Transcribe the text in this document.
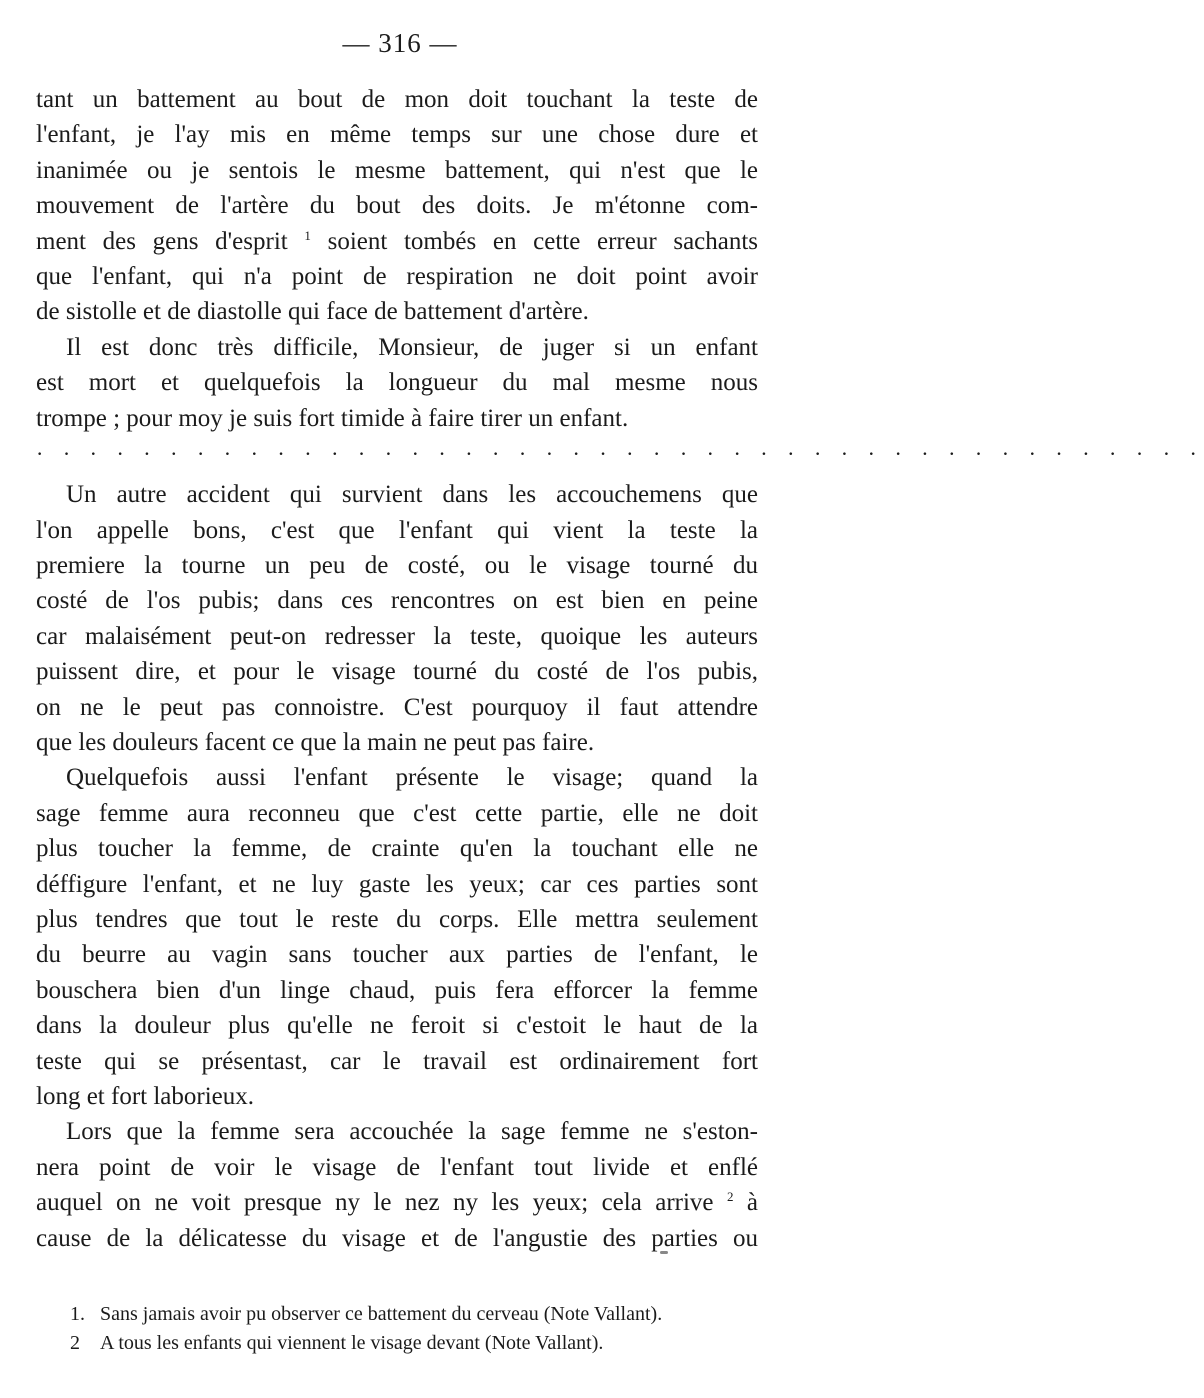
— 316 —
tant un battement au bout de mon doit touchant la teste de
l'enfant, je l'ay mis en même temps sur une chose dure et
inanimée ou je sentois le mesme battement, qui n'est que le
mouvement de l'artère du bout des doits. Je m'étonne com-
ment des gens d'esprit $^1$ soient tombés en cette erreur sachants
que l'enfant, qui n'a point de respiration ne doit point avoir
de sistolle et de diastolle qui face de battement d'artère.
Il est donc très difficile, Monsieur, de juger si un enfant
est mort et quelquefois la longueur du mal mesme nous
trompe ; pour moy je suis fort timide à faire tirer un enfant.
· · · · · · · · · · · · · · · · · · · · · · · · · · · · · · · · · · · · · · · · · · · ·
Un autre accident qui survient dans les accouchemens que
l'on appelle bons, c'est que l'enfant qui vient la teste la
premiere la tourne un peu de costé, ou le visage tourné du
costé de l'os pubis; dans ces rencontres on est bien en peine
car malaisément peut-on redresser la teste, quoique les auteurs
puissent dire, et pour le visage tourné du costé de l'os pubis,
on ne le peut pas connoistre. C'est pourquoy il faut attendre
que les douleurs facent ce que la main ne peut pas faire.
Quelquefois aussi l'enfant présente le visage; quand la
sage femme aura reconneu que c'est cette partie, elle ne doit
plus toucher la femme, de crainte qu'en la touchant elle ne
déffigure l'enfant, et ne luy gaste les yeux; car ces parties sont
plus tendres que tout le reste du corps. Elle mettra seulement
du beurre au vagin sans toucher aux parties de l'enfant, le
bouschera bien d'un linge chaud, puis fera efforcer la femme
dans la douleur plus qu'elle ne feroit si c'estoit le haut de la
teste qui se présentast, car le travail est ordinairement fort
long et fort laborieux.
Lors que la femme sera accouchée la sage femme ne s'eston-
nera point de voir le visage de l'enfant tout livide et enflé
auquel on ne voit presque ny le nez ny les yeux; cela arrive $^2$ à
cause de la délicatesse du visage et de l'angustie des parties ou
1. Sans jamais avoir pu observer ce battement du cerveau (Note Vallant).
2 A tous les enfants qui viennent le visage devant (Note Vallant).
